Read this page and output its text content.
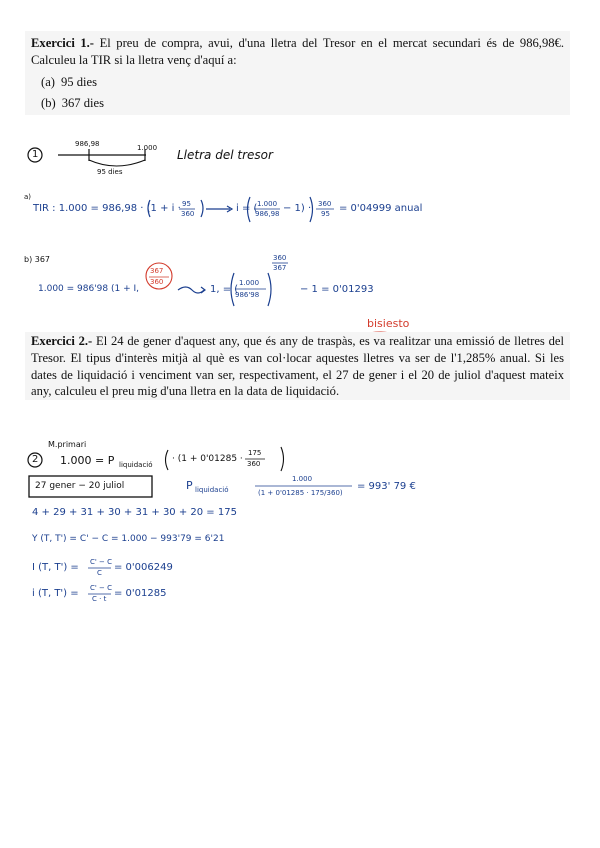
Exercici 1.- El preu de compra, avui, d'una lletra del Tresor en el mercat secundari és de 986,98€. Calculeu la TIR si la lletra venç d'aquí a:
(a) 95 dies
(b) 367 dies
1
986,98	1.000
95 dies
Lletra del tresor
a)
TIR : 1.000 = 986,98 · (1 + i · 95
360	i = ( 1.000
986,98 − 1) · 360
95 = 0'04999 anual
b) 367
1.000 = 986'98 (1 + I,
367
360
1, = (
1.000
986'98
360
367
− 1 = 0'01293
bisiesto
Exercici 2.- El 24 de gener d'aquest any, que és any de traspàs, es va realitzar una emissió de lletres del Tresor. El tipus d'interès mitjà al què es van col·locar aquestes lletres va ser de l'1,285% anual. Si les dates de liquidació i venciment van ser, respectivament, el 27 de gener i el 20 de juliol d'aquest mateix any, calculeu el preu mig d'una lletra en la data de liquidació.
M.primari
2 1.000 = P liquidació
· (1 + 0'01285 ·
175
360
27 gener − 20 juliol	P liquidació
1.000
(1 + 0'01285 · 175/360)
= 993' 79 €
4 + 29 + 31 + 30 + 31 + 30 + 20 = 175
Y (T, T') = C' − C = 1.000 − 993'79 = 6'21
I (T, T') = C' − C
C = 0'006249
i (T, T') = C' − C
C · t = 0'01285
